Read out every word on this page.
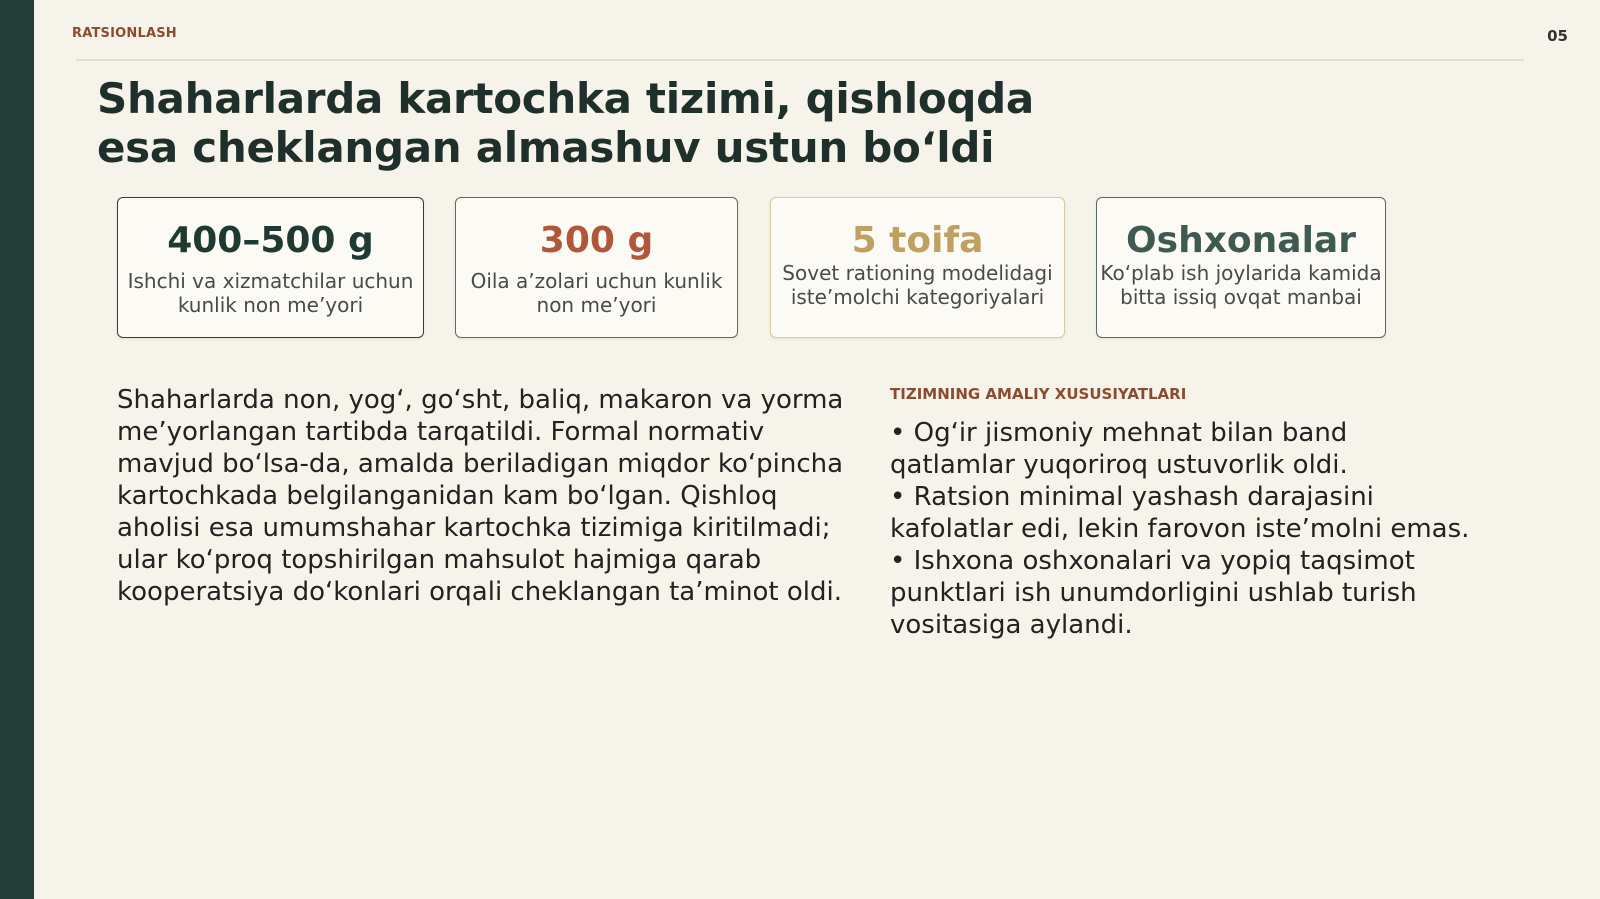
RATSIONLASH	05
Shaharlarda kartochka tizimi, qishloqda esa cheklangan almashuv ustun bo‘ldi
400–500 g
Ishchi va xizmatchilar uchun kunlik non me’yori
300 g
Oila a’zolari uchun kunlik non me’yori
5 toifa
Sovet rationing modelidagi iste’molchi kategoriyalari
Oshxonalar
Ko‘plab ish joylarida kamida bitta issiq ovqat manbai

Shaharlarda non, yog‘, go‘sht, baliq, makaron va yorma me’yorlangan tartibda tarqatildi. Formal normativ mavjud bo‘lsa-da, amalda beriladigan miqdor ko‘pincha kartochkada belgilanganidan kam bo‘lgan. Qishloq aholisi esa umumshahar kartochka tizimiga kiritilmadi; ular ko‘proq topshirilgan mahsulot hajmiga qarab kooperatsiya do‘konlari orqali cheklangan ta’minot oldi.

TIZIMNING AMALIY XUSUSIYATLARI
• Og‘ir jismoniy mehnat bilan band qatlamlar yuqoriroq ustuvorlik oldi.
• Ratsion minimal yashash darajasini kafolatlar edi, lekin farovon iste’molni emas.
• Ishxona oshxonalari va yopiq taqsimot punktlari ish unumdorligini ushlab turish vositasiga aylandi.
